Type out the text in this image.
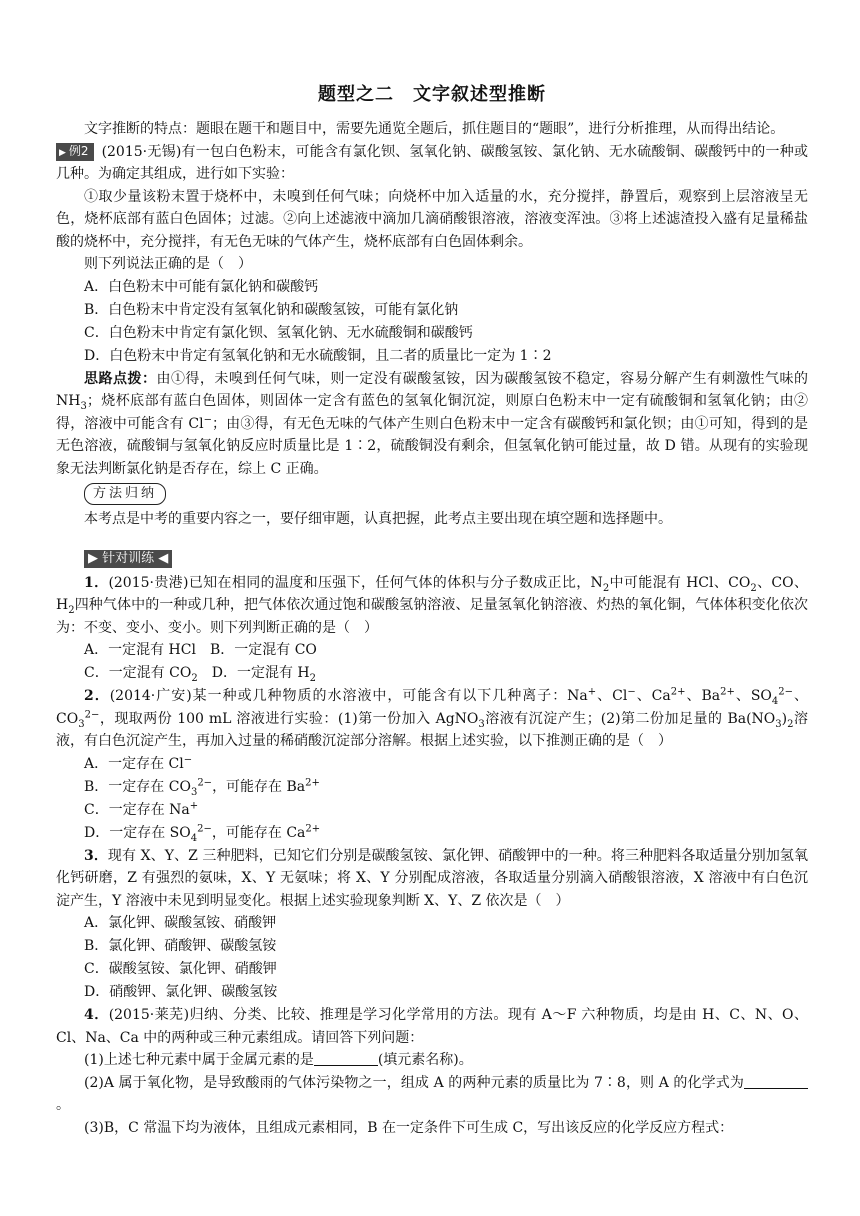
题型之二　文字叙述型推断

文字推断的特点：题眼在题干和题目中，需要先通览全题后，抓住题目的“题眼”，进行分析推理，从而得出结论。

▶ 例2 (2015·无锡)有一包白色粉末，可能含有氯化钡、氢氧化钠、碳酸氢铵、氯化钠、无水硫酸铜、碳酸钙中的一种或几种。为确定其组成，进行如下实验：

①取少量该粉末置于烧杯中，未嗅到任何气味；向烧杯中加入适量的水，充分搅拌，静置后，观察到上层溶液呈无色，烧杯底部有蓝白色固体；过滤。②向上述滤液中滴加几滴硝酸银溶液，溶液变浑浊。③将上述滤渣投入盛有足量稀盐酸的烧杯中，充分搅拌，有无色无味的气体产生，烧杯底部有白色固体剩余。

则下列说法正确的是（　）

A．白色粉末中可能有氯化钠和碳酸钙

B．白色粉末中肯定没有氢氧化钠和碳酸氢铵，可能有氯化钠

C．白色粉末中肯定有氯化钡、氢氧化钠、无水硫酸铜和碳酸钙

D．白色粉末中肯定有氢氧化钠和无水硫酸铜，且二者的质量比一定为 1∶2

思路点拨：由①得，未嗅到任何气味，则一定没有碳酸氢铵，因为碳酸氢铵不稳定，容易分解产生有刺激性气味的 $NH_3$；烧杯底部有蓝白色固体，则固体一定含有蓝色的氢氧化铜沉淀，则原白色粉末中一定有硫酸铜和氢氧化钠；由②得，溶液中可能含有 Cl−；由③得，有无色无味的气体产生则白色粉末中一定含有碳酸钙和氯化钡；由①可知，得到的是无色溶液，硫酸铜与氢氧化钠反应时质量比是 1∶2，硫酸铜没有剩余，但氢氧化钠可能过量，故 D 错。从现有的实验现象无法判断氯化钠是否存在，综上 C 正确。

方法归纳

本考点是中考的重要内容之一，要仔细审题，认真把握，此考点主要出现在填空题和选择题中。

▶ 针对训练 ◀

1．(2015·贵港)已知在相同的温度和压强下，任何气体的体积与分子数成正比，$N_2$中可能混有 HCl、$CO_2$、CO、$H_2$四种气体中的一种或几种，把气体依次通过饱和碳酸氢钠溶液、足量氢氧化钠溶液、灼热的氧化铜，气体体积变化依次为：不变、变小、变小。则下列判断正确的是（　）

A．一定混有 HCl　B．一定混有 CO

C．一定混有 $CO_2$　D．一定混有 $H_2$

2．(2014·广安)某一种或几种物质的水溶液中，可能含有以下几种离子：Na+、Cl−、$Ca^{2+}$、$Ba^{2+}$、$SO_4^{2-}$、$CO_3^{2-}$，现取两份 100 mL 溶液进行实验：(1)第一份加入 AgNO$_3$溶液有沉淀产生；(2)第二份加足量的 $Ba(NO_3)_2$溶液，有白色沉淀产生，再加入过量的稀硝酸沉淀部分溶解。根据上述实验，以下推测正确的是（　）

A．一定存在 Cl−

B．一定存在 $CO_3^{2-}$，可能存在 $Ba^{2+}$

C．一定存在 Na+

D．一定存在 $SO_4^{2-}$，可能存在 $Ca^{2+}$

3．现有 X、Y、Z 三种肥料，已知它们分别是碳酸氢铵、氯化钾、硝酸钾中的一种。将三种肥料各取适量分别加氢氧化钙研磨，Z 有强烈的氨味，X、Y 无氨味；将 X、Y 分别配成溶液，各取适量分别滴入硝酸银溶液，X 溶液中有白色沉淀产生，Y 溶液中未见到明显变化。根据上述实验现象判断 X、Y、Z 依次是（　）

A．氯化钾、碳酸氢铵、硝酸钾

B．氯化钾、硝酸钾、碳酸氢铵

C．碳酸氢铵、氯化钾、硝酸钾

D．硝酸钾、氯化钾、碳酸氢铵

4．(2015·莱芜)归纳、分类、比较、推理是学习化学常用的方法。现有 A～F 六种物质，均是由 H、C、N、O、Cl、Na、Ca 中的两种或三种元素组成。请回答下列问题：

(1)上述七种元素中属于金属元素的是	(填元素名称)。

(2)A 属于氧化物，是导致酸雨的气体污染物之一，组成 A 的两种元素的质量比为 7∶8，则 A 的化学式为。

(3)B，C 常温下均为液体，且组成元素相同，B 在一定条件下可生成 C，写出该反应的化学反应方程式：
